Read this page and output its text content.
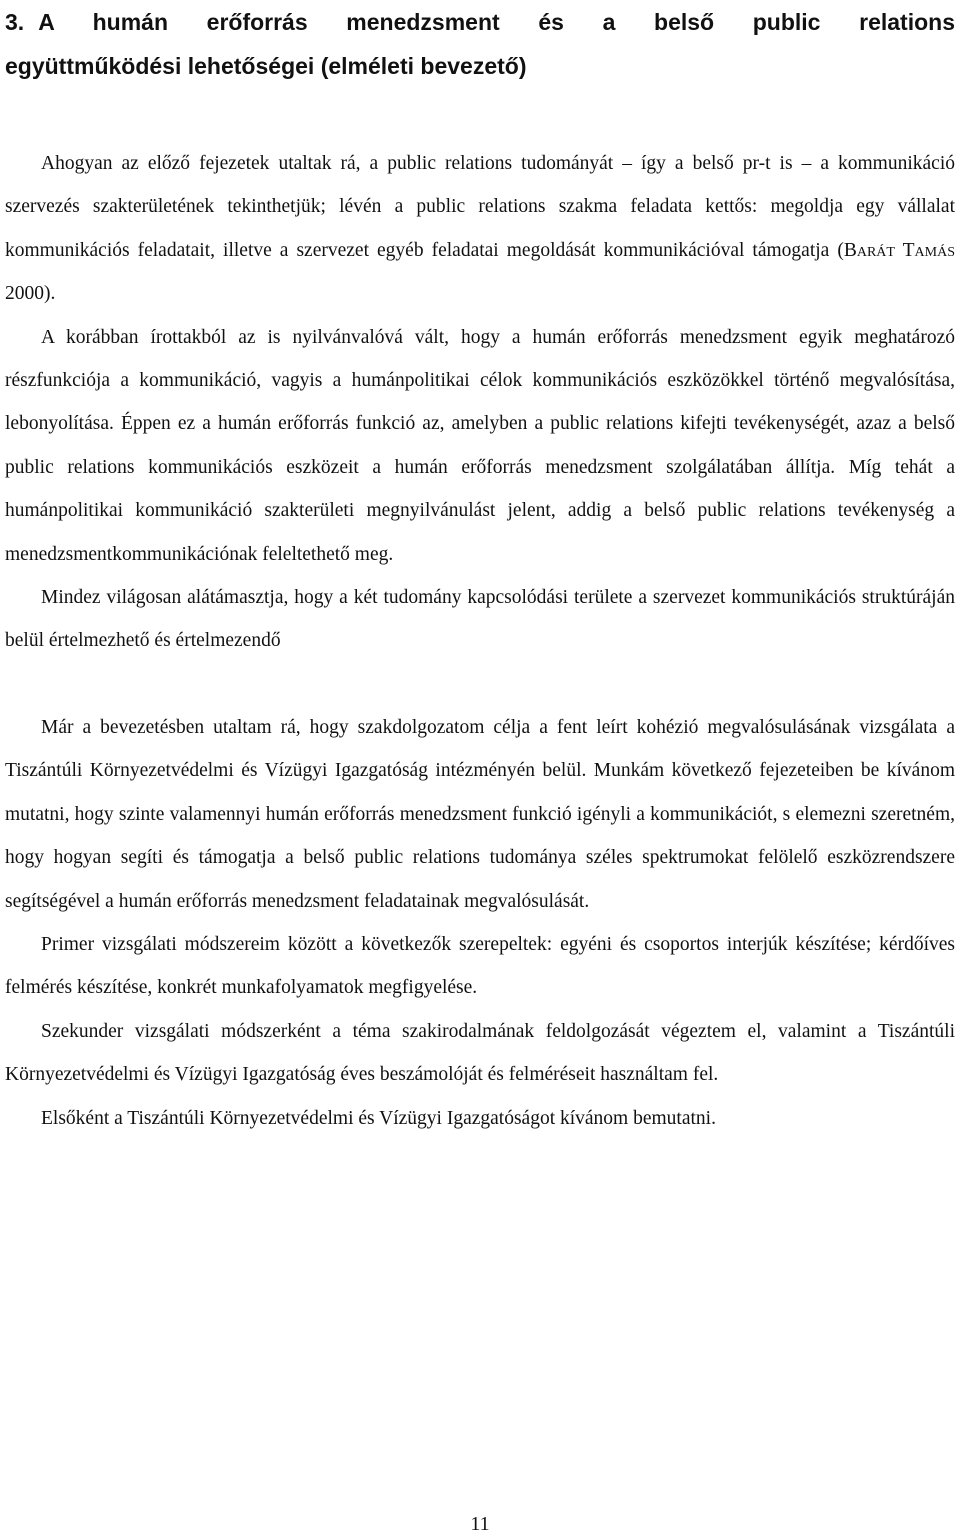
3. A humán erőforrás menedzsment és a belső public relations
együttműködési lehetőségei (elméleti bevezető)

Ahogyan az előző fejezetek utaltak rá, a public relations tudományát – így a belső pr-t is – a kommunikáció szervezés szakterületének tekinthetjük; lévén a public relations szakma feladata kettős: megoldja egy vállalat kommunikációs feladatait, illetve a szervezet egyéb feladatai megoldását kommunikációval támogatja (Barát Tamás 2000).

A korábban írottakból az is nyilvánvalóvá vált, hogy a humán erőforrás menedzsment egyik meghatározó részfunkciója a kommunikáció, vagyis a humánpolitikai célok kommunikációs eszközökkel történő megvalósítása, lebonyolítása. Éppen ez a humán erőforrás funkció az, amelyben a public relations kifejti tevékenységét, azaz a belső public relations kommunikációs eszközeit a humán erőforrás menedzsment szolgálatában állítja. Míg tehát a humánpolitikai kommunikáció szakterületi megnyilvánulást jelent, addig a belső public relations tevékenység a menedzsmentkommunikációnak feleltethető meg.

Mindez világosan alátámasztja, hogy a két tudomány kapcsolódási területe a szervezet kommunikációs struktúráján belül értelmezhető és értelmezendő

Már a bevezetésben utaltam rá, hogy szakdolgozatom célja a fent leírt kohézió megvalósulásának vizsgálata a Tiszántúli Környezetvédelmi és Vízügyi Igazgatóság intézményén belül. Munkám következő fejezeteiben be kívánom mutatni, hogy szinte valamennyi humán erőforrás menedzsment funkció igényli a kommunikációt, s elemezni szeretném, hogy hogyan segíti és támogatja a belső public relations tudománya széles spektrumokat felölelő eszközrendszere segítségével a humán erőforrás menedzsment feladatainak megvalósulását.

Primer vizsgálati módszereim között a következők szerepeltek: egyéni és csoportos interjúk készítése; kérdőíves felmérés készítése, konkrét munkafolyamatok megfigyelése.

Szekunder vizsgálati módszerként a téma szakirodalmának feldolgozását végeztem el, valamint a Tiszántúli Környezetvédelmi és Vízügyi Igazgatóság éves beszámolóját és felméréseit használtam fel.

Elsőként a Tiszántúli Környezetvédelmi és Vízügyi Igazgatóságot kívánom bemutatni.

11
